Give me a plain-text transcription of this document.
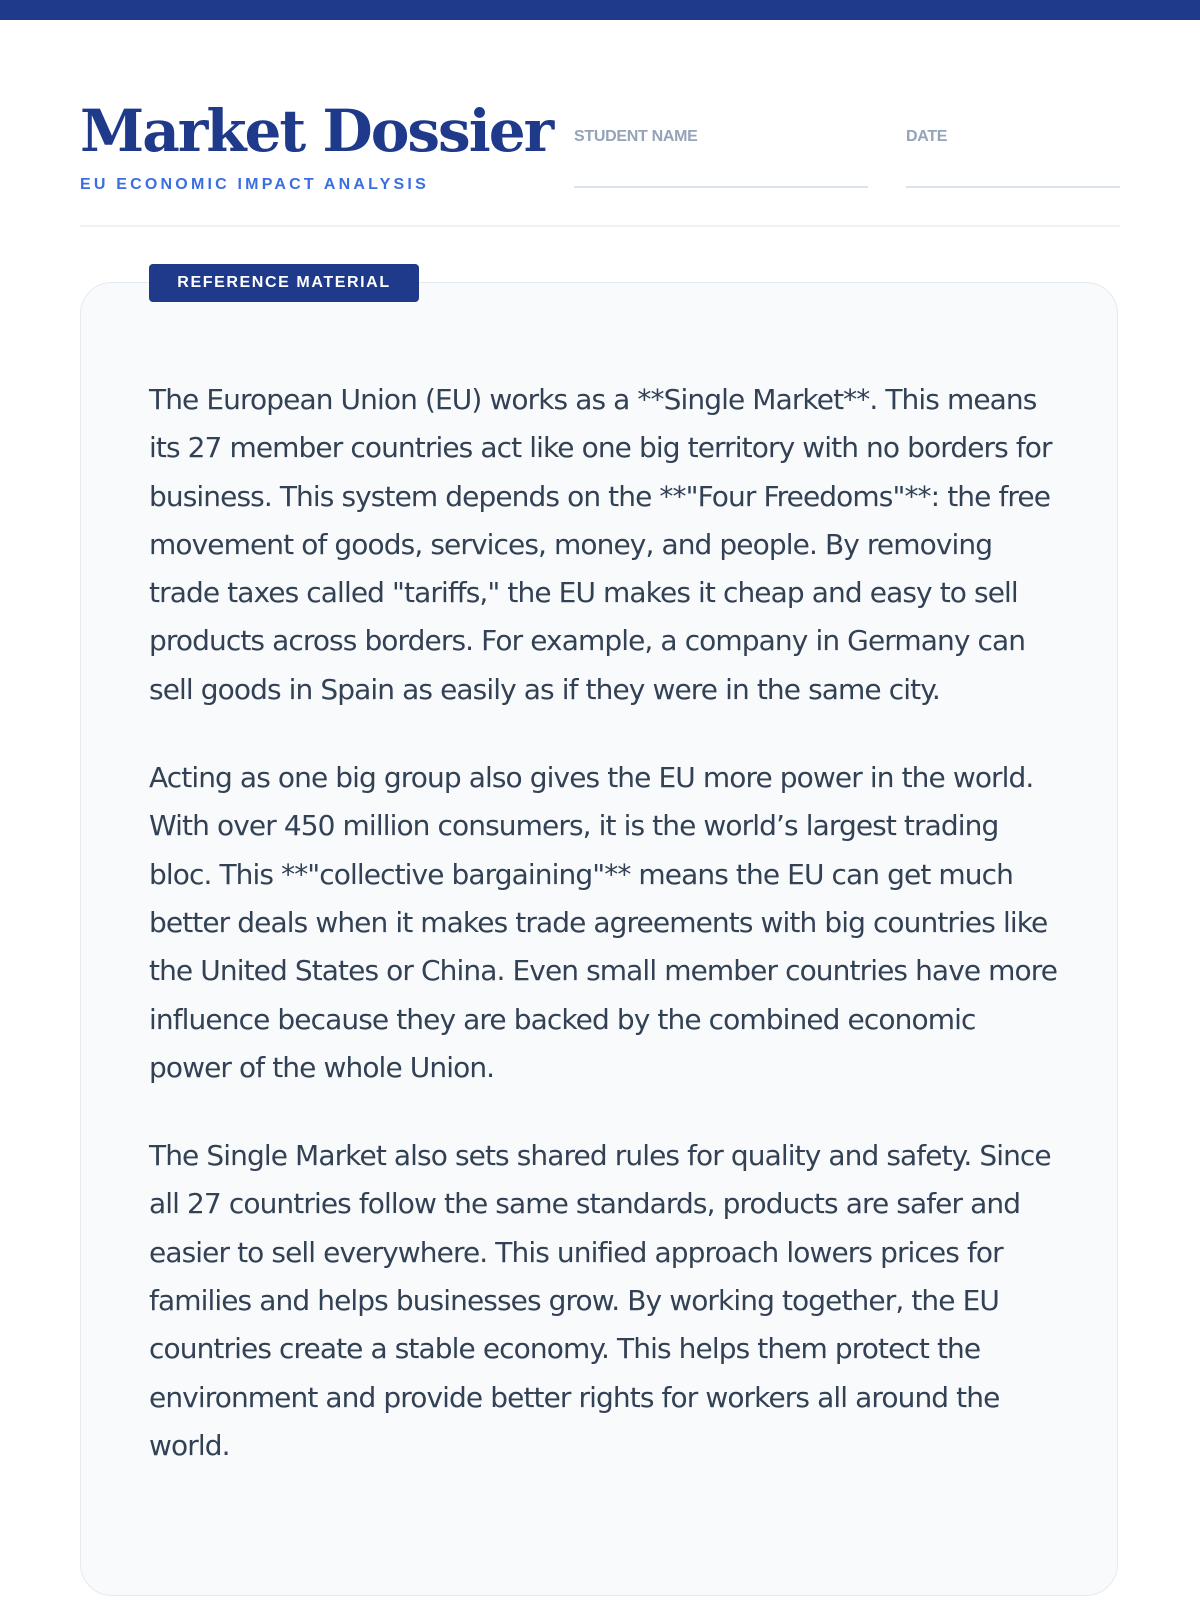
Market Dossier
EU ECONOMIC IMPACT ANALYSIS
STUDENT NAME	DATE
REFERENCE MATERIAL

The European Union (EU) works as a **Single Market**. This means its 27 member countries act like one big territory with no borders for business. This system depends on the **"Four Freedoms"**: the free movement of goods, services, money, and people. By removing trade taxes called "tariffs," the EU makes it cheap and easy to sell products across borders. For example, a company in Germany can sell goods in Spain as easily as if they were in the same city.

Acting as one big group also gives the EU more power in the world. With over 450 million consumers, it is the world’s largest trading bloc. This **"collective bargaining"** means the EU can get much better deals when it makes trade agreements with big countries like the United States or China. Even small member countries have more influence because they are backed by the combined economic power of the whole Union.

The Single Market also sets shared rules for quality and safety. Since all 27 countries follow the same standards, products are safer and easier to sell everywhere. This unified approach lowers prices for families and helps businesses grow. By working together, the EU countries create a stable economy. This helps them protect the environment and provide better rights for workers all around the world.
